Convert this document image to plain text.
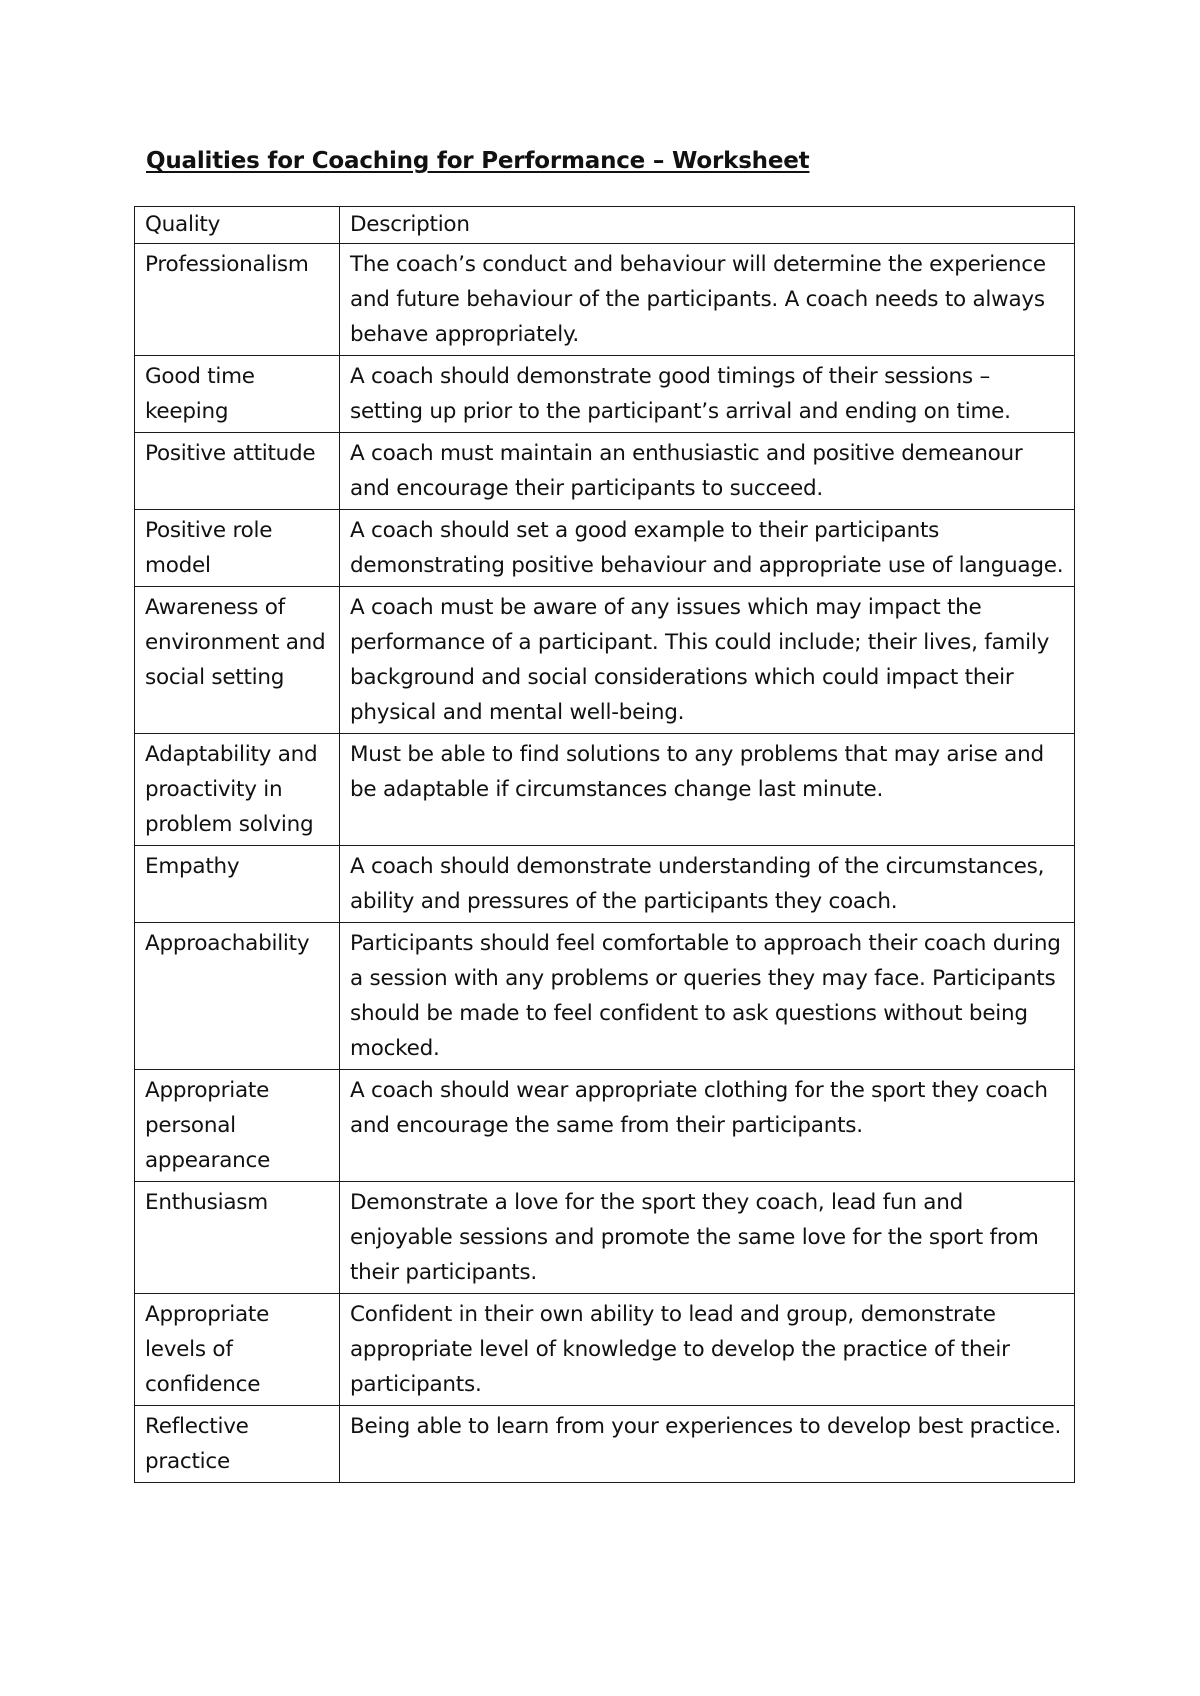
Qualities for Coaching for Performance – Worksheet
Quality	Description
Professionalism	The coach’s conduct and behaviour will determine the experience and future behaviour of the participants. A coach needs to always behave appropriately.
Good time keeping	A coach should demonstrate good timings of their sessions – setting up prior to the participant’s arrival and ending on time.
Positive attitude	A coach must maintain an enthusiastic and positive demeanour and encourage their participants to succeed.
Positive role model	A coach should set a good example to their participants demonstrating positive behaviour and appropriate use of language.
Awareness of environment and social setting	A coach must be aware of any issues which may impact the performance of a participant. This could include; their lives, family background and social considerations which could impact their physical and mental well-being.
Adaptability and proactivity in problem solving	Must be able to find solutions to any problems that may arise and be adaptable if circumstances change last minute.
Empathy	A coach should demonstrate understanding of the circumstances, ability and pressures of the participants they coach.
Approachability	Participants should feel comfortable to approach their coach during a session with any problems or queries they may face. Participants should be made to feel confident to ask questions without being mocked.
Appropriate personal appearance	A coach should wear appropriate clothing for the sport they coach and encourage the same from their participants.
Enthusiasm	Demonstrate a love for the sport they coach, lead fun and enjoyable sessions and promote the same love for the sport from their participants.
Appropriate levels of confidence	Confident in their own ability to lead and group, demonstrate appropriate level of knowledge to develop the practice of their participants.
Reflective practice	Being able to learn from your experiences to develop best practice.
